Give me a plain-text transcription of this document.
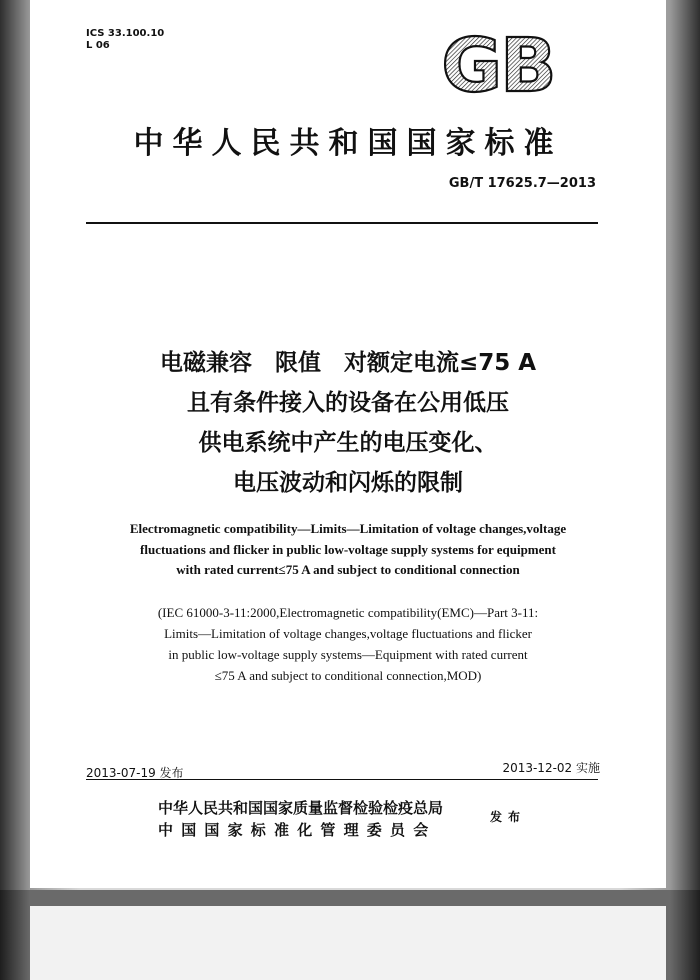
ICS 33.100.10
L 06	GB
中华人民共和国国家标准
GB/T 17625.7—2013
电磁兼容　限值　对额定电流≤75 A
且有条件接入的设备在公用低压
供电系统中产生的电压变化、
电压波动和闪烁的限制
Electromagnetic compatibility—Limits—Limitation of voltage changes,voltage
fluctuations and flicker in public low-voltage supply systems for equipment
with rated current≤75 A and subject to conditional connection
(IEC 61000-3-11:2000,Electromagnetic compatibility(EMC)—Part 3-11:
Limits—Limitation of voltage changes,voltage fluctuations and flicker
in public low-voltage supply systems—Equipment with rated current
≤75 A and subject to conditional connection,MOD)
2013-07-19 发布	2013-12-02 实施
中华人民共和国国家质量监督检验检疫总局
中国国家标准化管理委员会
发布
